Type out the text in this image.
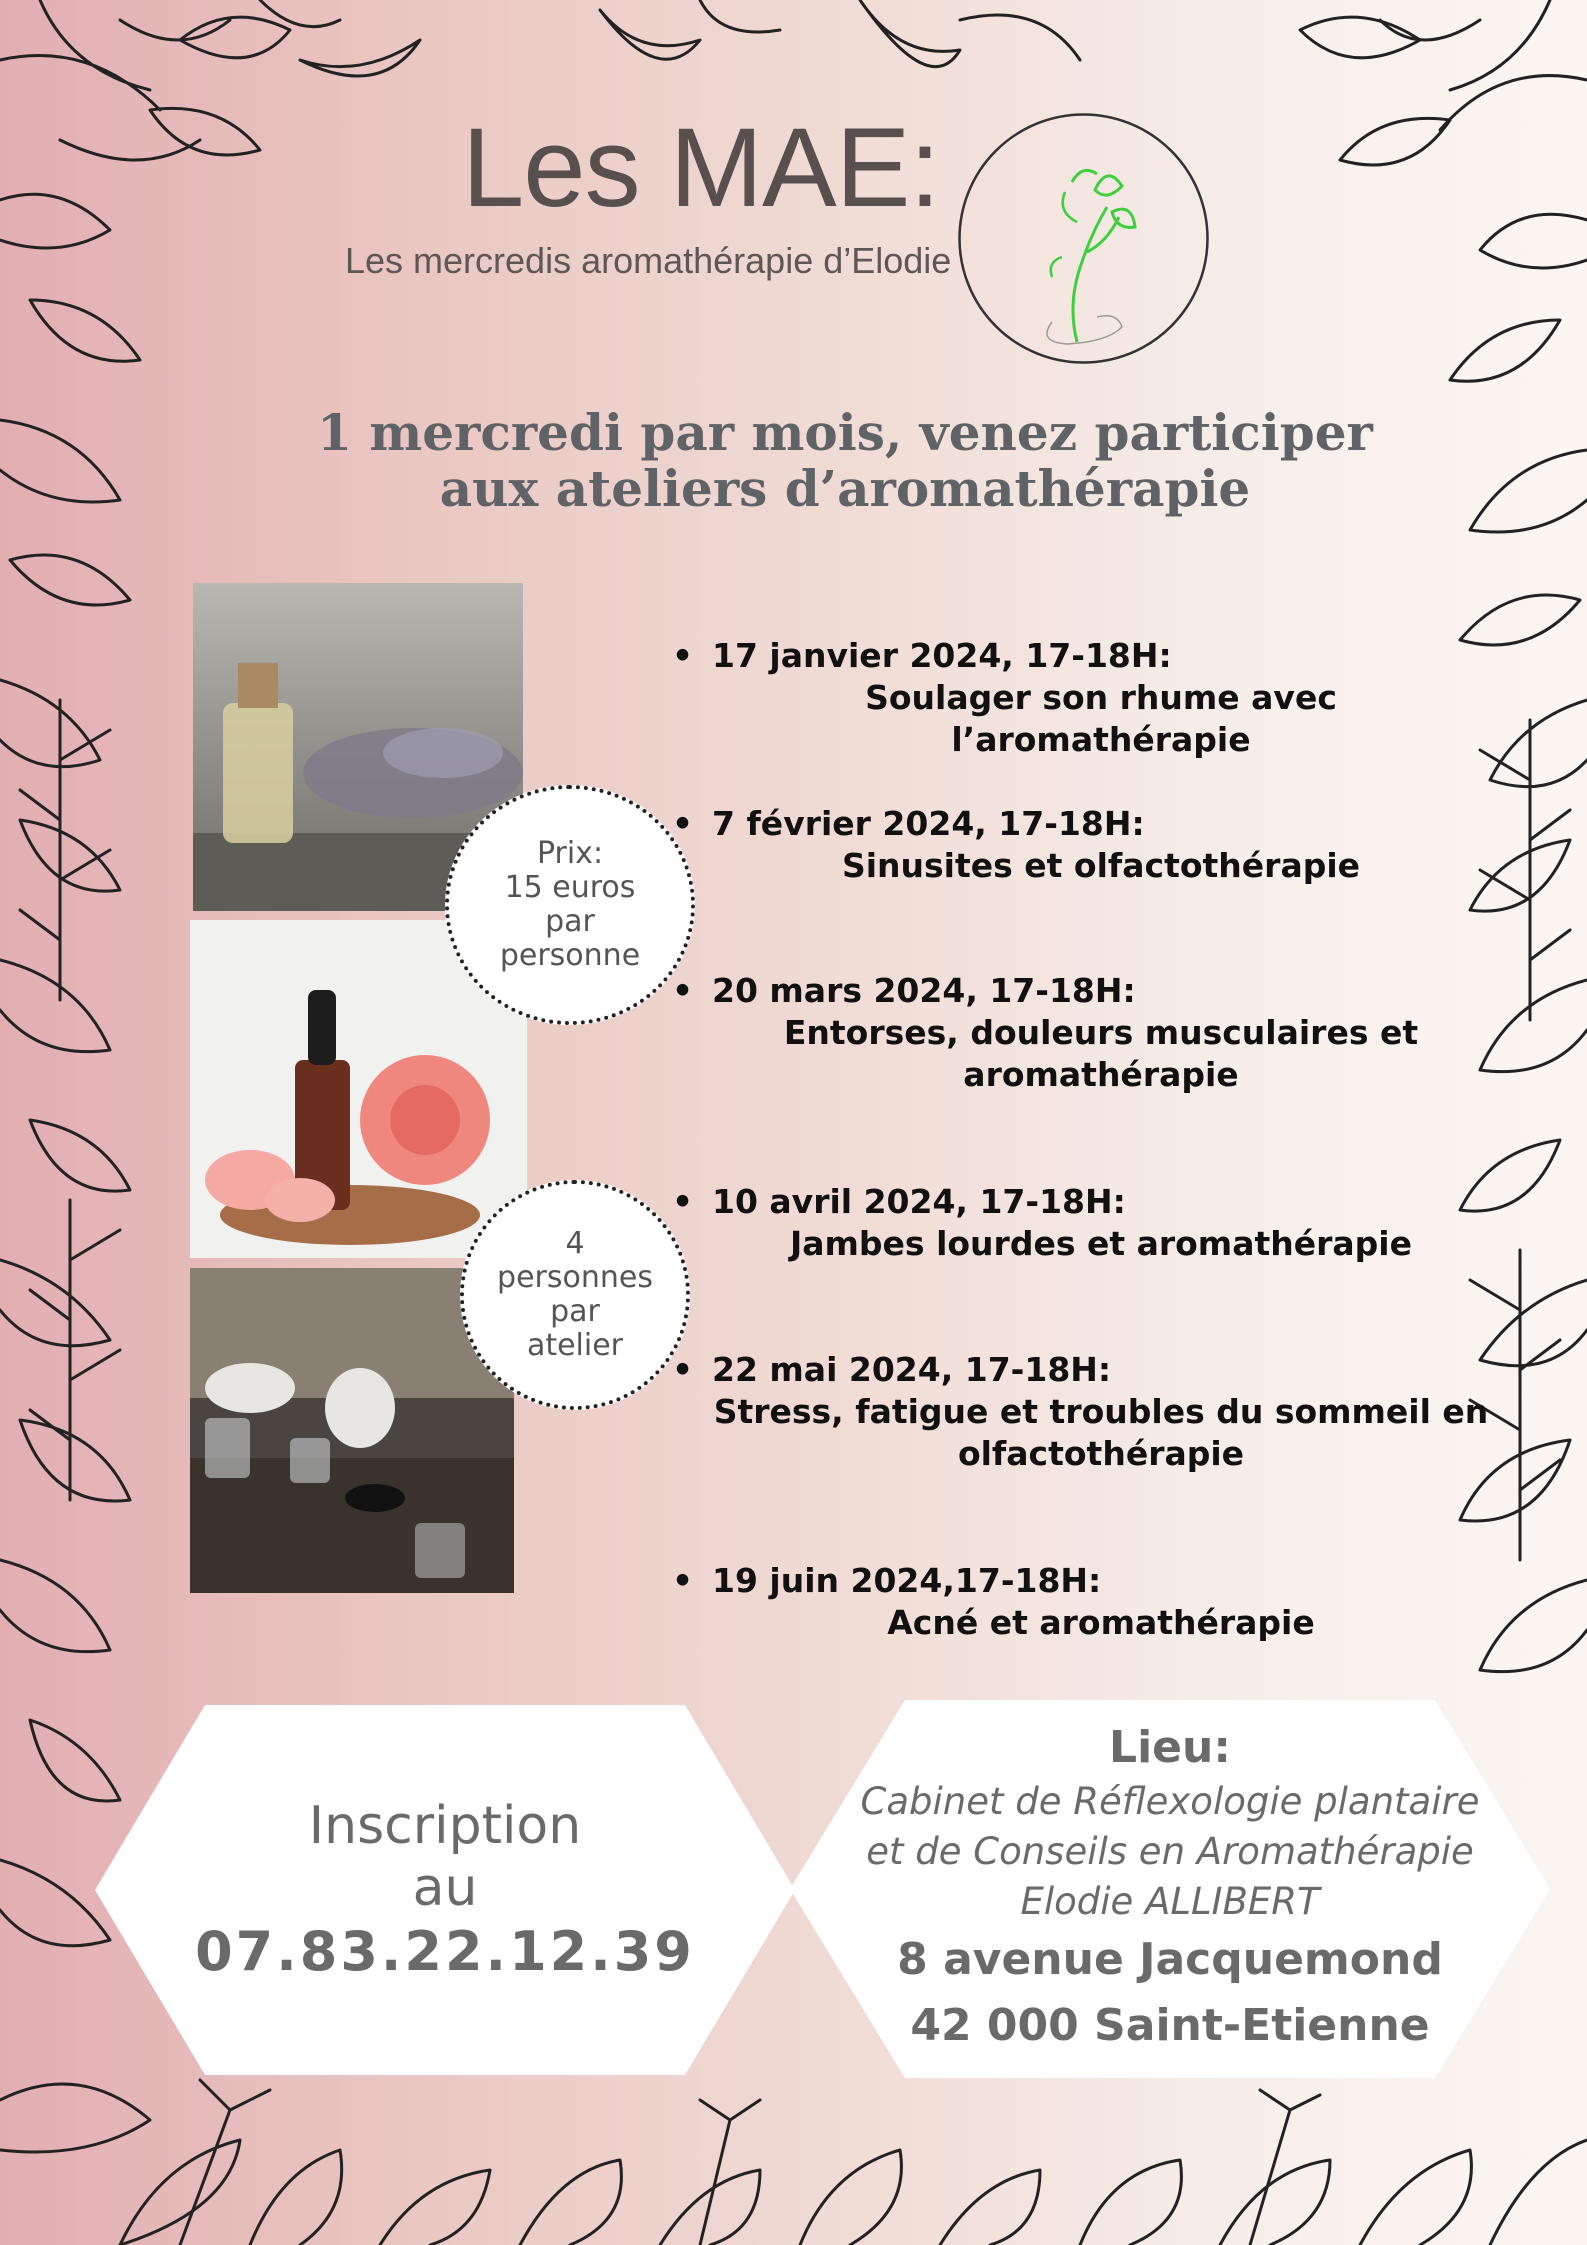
Les MAE:
Les mercredis aromathérapie d’Elodie
1 mercredi par mois, venez participer
aux ateliers d’aromathérapie
Prix:
15 euros
par
personne
4
personnes
par
atelier
• 17 janvier 2024, 17-18H:
Soulager son rhume avec l’aromathérapie
• 7 février 2024, 17-18H:
Sinusites et olfactothérapie
• 20 mars 2024, 17-18H:
Entorses, douleurs musculaires et
aromathérapie
• 10 avril 2024, 17-18H:
Jambes lourdes et aromathérapie
• 22 mai 2024, 17-18H:
Stress, fatigue et troubles du sommeil en
olfactothérapie
• 19 juin 2024,17-18H:
Acné et aromathérapie
Inscription
au
07.83.22.12.39
Lieu:
Cabinet de Réflexologie plantaire
et de Conseils en Aromathérapie
Elodie ALLIBERT
8 avenue Jacquemond
42 000 Saint-Etienne
